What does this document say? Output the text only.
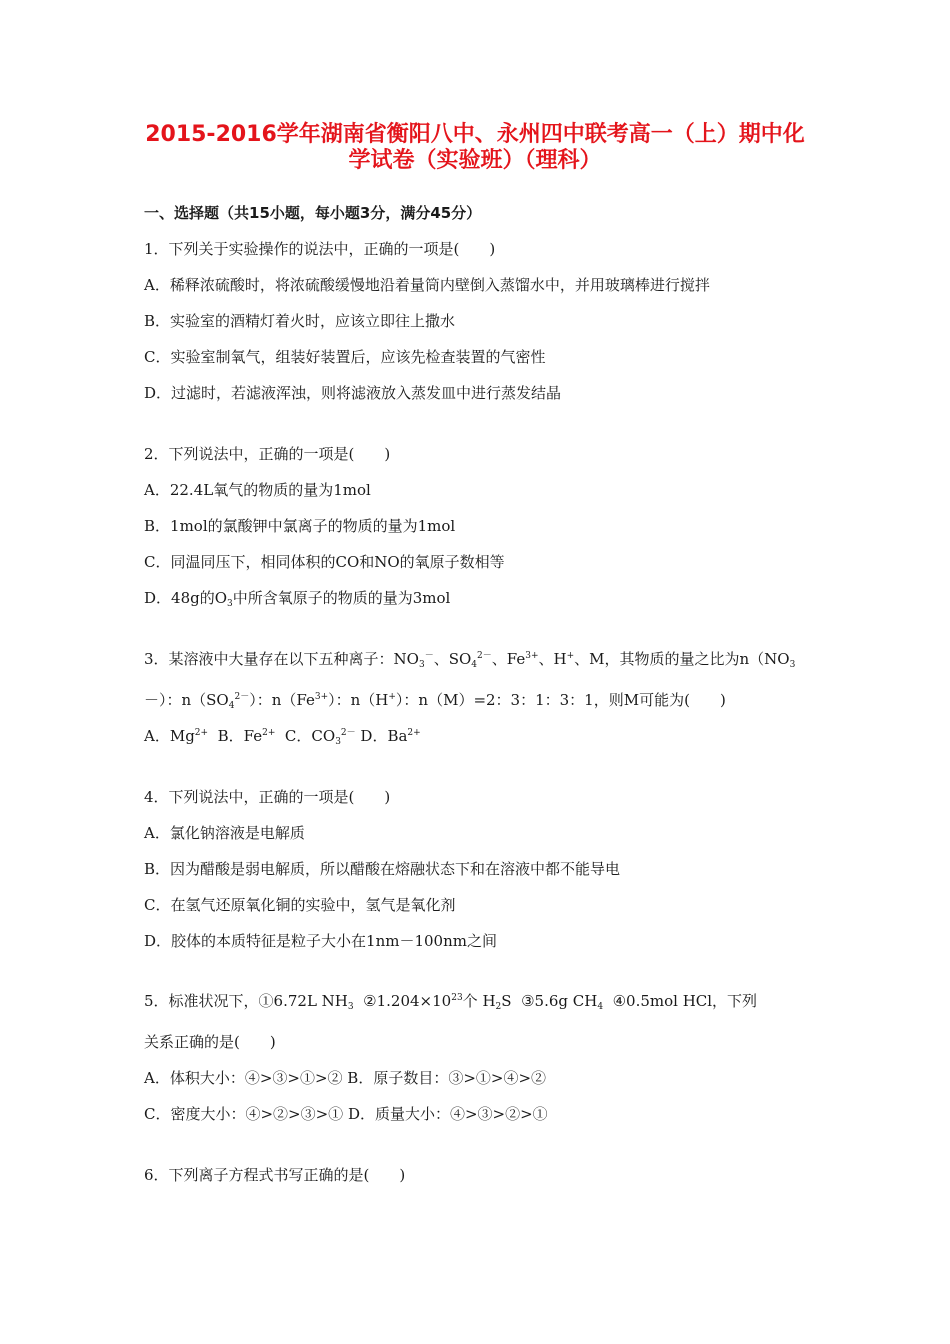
2015-2016学年湖南省衡阳八中、永州四中联考高一（上）期中化
学试卷（实验班）（理科）
一、选择题（共15小题，每小题3分，满分45分）
1．下列关于实验操作的说法中，正确的一项是(　　)
A．稀释浓硫酸时，将浓硫酸缓慢地沿着量筒内壁倒入蒸馏水中，并用玻璃棒进行搅拌
B．实验室的酒精灯着火时，应该立即往上撒水
C．实验室制氧气，组装好装置后，应该先检查装置的气密性
D．过滤时，若滤液浑浊，则将滤液放入蒸发皿中进行蒸发结晶
2．下列说法中，正确的一项是(　　)
A．22.4L氧气的物质的量为1mol
B．1mol的氯酸钾中氯离子的物质的量为1mol
C．同温同压下，相同体积的CO和NO的氧原子数相等
D．48g的$O_3$中所含氧原子的物质的量为3mol
3．某溶液中大量存在以下五种离子：$NO_3^-$、$SO_4^{2-}$、$Fe^{3+}$、H+、M，其物质的量之比为$n(NO_3$
－）：$n(SO_4^{2-})$：$n(Fe^{3+})$：n（H+）：n（M）=2：3：1：3：1，则M可能为(　　)
A．$Mg^{2+}$  B．$Fe^{2+}$  C．$CO_3^{2-}$ D．$Ba^{2+}$
4．下列说法中，正确的一项是(　　)
A．氯化钠溶液是电解质
B．因为醋酸是弱电解质，所以醋酸在熔融状态下和在溶液中都不能导电
C．在氢气还原氧化铜的实验中，氢气是氧化剂
D．胶体的本质特征是粒子大小在1nm－100nm之间
5．标准状况下，①6.72L $NH_3$  $②1.204\times 10^{23}$个 $H_2S$  ③5.6g $CH_4$  ④0.5mol HCl，下列
关系正确的是(　　)
A．体积大小：④>③>①>② B．原子数目：③>①>④>②
C．密度大小：④>②>③>① D．质量大小：④>③>②>①
6．下列离子方程式书写正确的是(　　)
